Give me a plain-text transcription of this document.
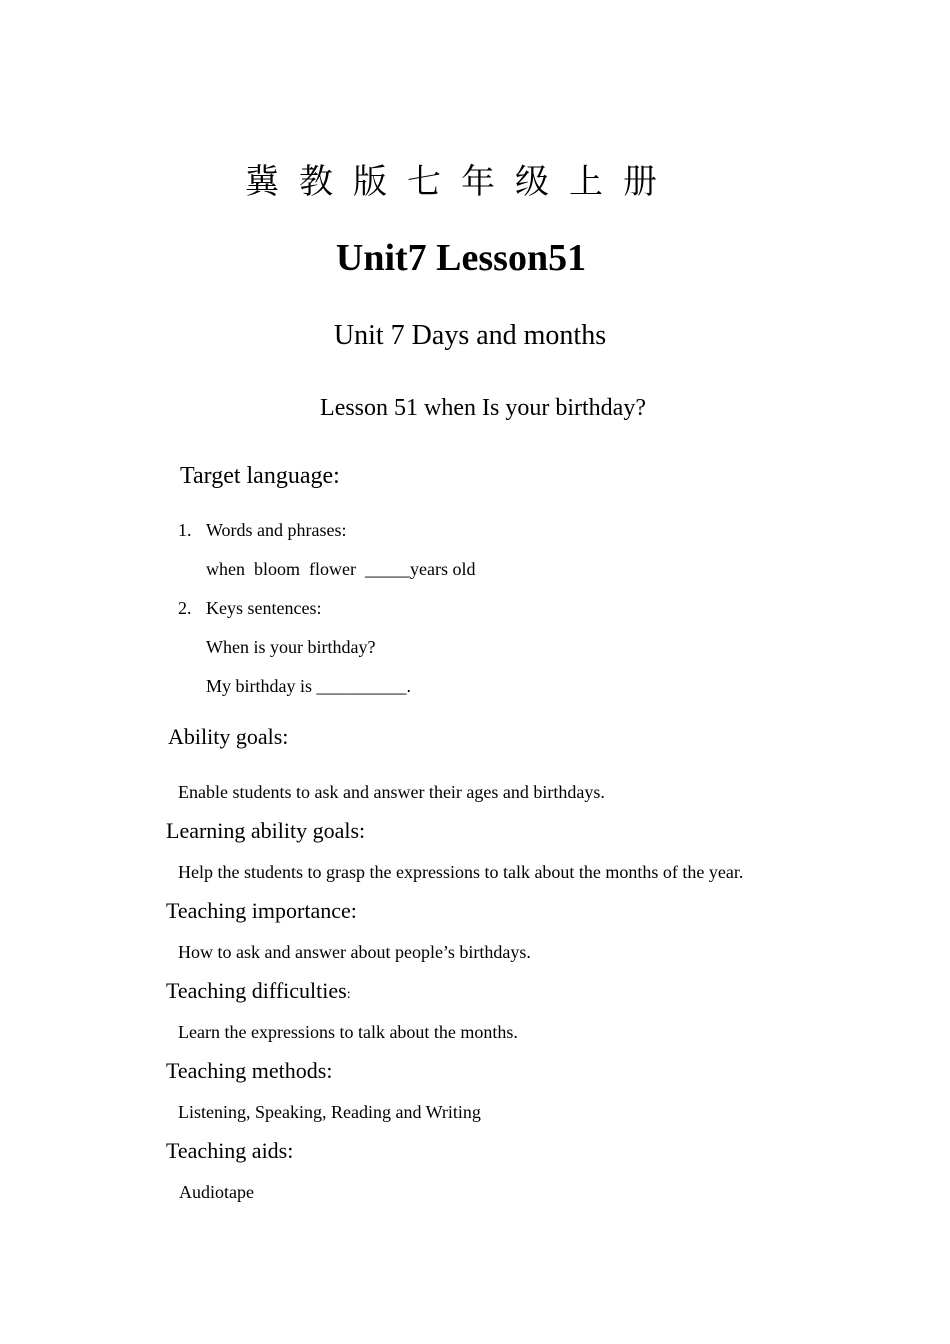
冀教版七年级上册
Unit7 Lesson51
Unit 7 Days and months
Lesson 51 when Is your birthday?
Target language:
1. Words and phrases:
when  bloom  flower  _____years old
2. Keys sentences:
When is your birthday?
My birthday is __________.
Ability goals:
Enable students to ask and answer their ages and birthdays.
Learning ability goals:
Help the students to grasp the expressions to talk about the months of the year.
Teaching importance:
How to ask and answer about people’s birthdays.
Teaching difficulties:
Learn the expressions to talk about the months.
Teaching methods:
Listening, Speaking, Reading and Writing
Teaching aids:
Audiotape
